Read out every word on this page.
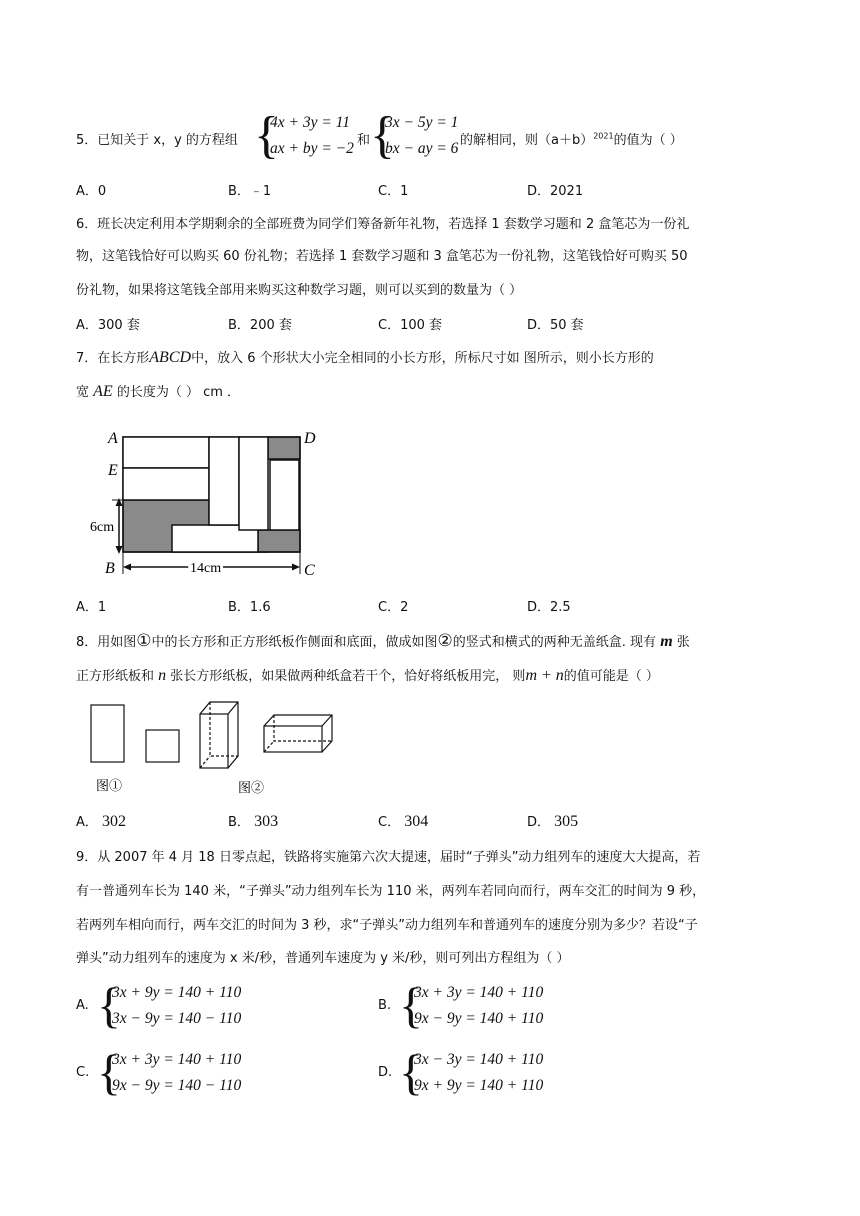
5．已知关于 x，y 的方程组 {
4x + 3y = 11
ax + by = −2 和 {
3x − 5y = 1
bx − ay = 6 的解相同，则$(a+b)^{2021}$的值为（ ）
A．0	B．﹣1	C．1	D．2021
6．班长决定利用本学期剩余的全部班费为同学们筹备新年礼物，若选择 1 套数学习题和 2 盒笔芯为一份礼
物，这笔钱恰好可以购买 60 份礼物；若选择 1 套数学习题和 3 盒笔芯为一份礼物，这笔钱恰好可购买 50
份礼物，如果将这笔钱全部用来购买这种数学习题，则可以买到的数量为（ ）
A．300 套	B．200 套	C．100 套	D．50 套
7．在长方形ABCD中，放入 6 个形状大小完全相同的小长方形，所标尺寸如 图所示，则小长方形的
宽 AE 的长度为（ ） cm ．
A
E
B
D
C
6cm
14cm
A．1	B．1.6	C．2	D．2.5
8．用如图①中的长方形和正方形纸板作侧面和底面，做成如图②的竖式和横式的两种无盖纸盒. 现有 m 张
正方形纸板和 n 张长方形纸板，如果做两种纸盒若干个，恰好将纸板用完， 则m + n的值可能是（ ）
图①	图②
A． 302	B． 303	C． 304	D． 305
9．从 2007 年 4 月 18 日零点起，铁路将实施第六次大提速，届时“子弹头”动力组列车的速度大大提高，若
有一普通列车长为 140 米，“子弹头”动力组列车长为 110 米，两列车若同向而行，两车交汇的时间为 9 秒，
若两列车相向而行，两车交汇的时间为 3 秒，求“子弹头”动力组列车和普通列车的速度分别为多少？若设“子
弹头”动力组列车的速度为 x 米/秒，普通列车速度为 y 米/秒，则可列出方程组为（ ）
A. {
3x + 9y = 140 + 110
3x − 9y = 140 − 110
B. {
3x + 3y = 140 + 110
9x − 9y = 140 + 110
C. {
3x + 3y = 140 + 110
9x − 9y = 140 − 110
D. {
3x − 3y = 140 + 110
9x + 9y = 140 + 110
